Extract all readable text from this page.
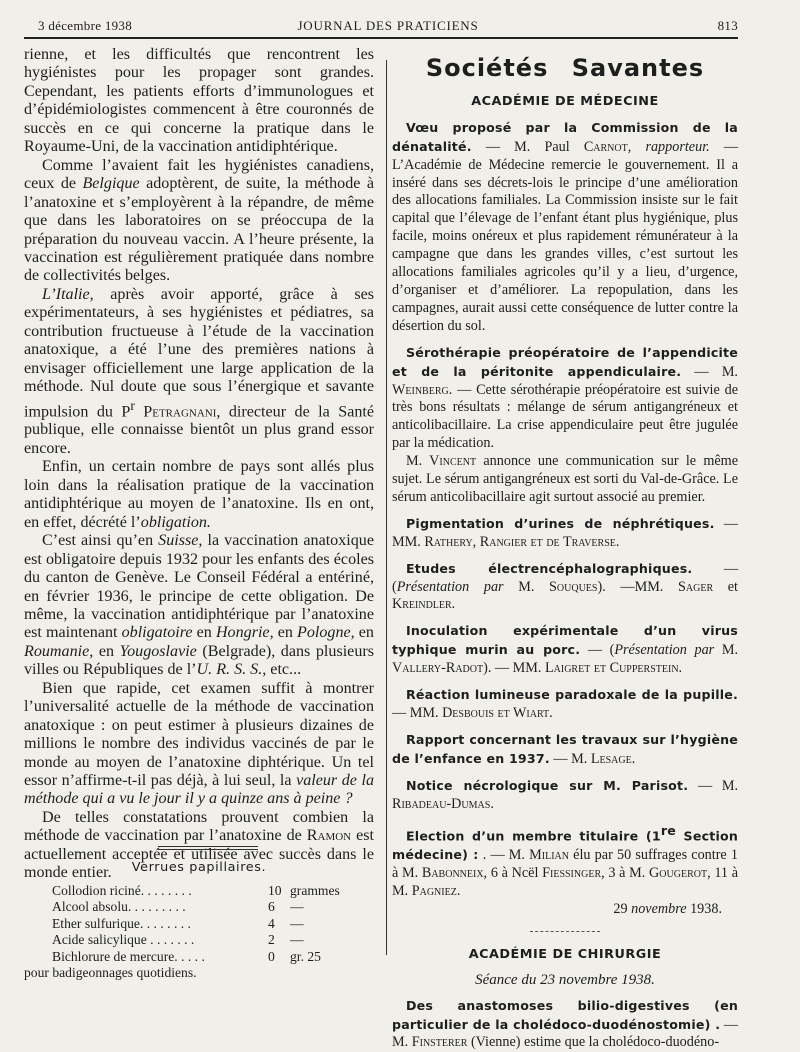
3 décembre 1938	JOURNAL DES PRATICIENS	813

rienne, et les difficultés que rencontrent les hygiénistes pour les propager sont grandes. Cependant, les patients efforts d’immunologues et d’épidémiologistes commencent à être couronnés de succès en ce qui concerne la pratique dans le Royaume-Uni, de la vaccination antidiphtérique.

Comme l’avaient fait les hygiénistes canadiens, ceux de Belgique adoptèrent, de suite, la méthode à l’anatoxine et s’employèrent à la répandre, de même que dans les laboratoires on se préoccupa de la préparation du nouveau vaccin. A l’heure présente, la vaccination est régulièrement pratiquée dans nombre de collectivités belges.

L’Italie, après avoir apporté, grâce à ses expérimentateurs, à ses hygiénistes et pédiatres, sa contribution fructueuse à l’étude de la vaccination anatoxique, a été l’une des premières nations à envisager officiellement une large application de la méthode. Nul doute que sous l’énergique et savante impulsion du $P^r$ Petragnani, directeur de la Santé publique, elle connaisse bientôt un plus grand essor encore.

Enfin, un certain nombre de pays sont allés plus loin dans la réalisation pratique de la vaccination antidiphtérique au moyen de l’anatoxine. Ils en ont, en effet, décrété l’obligation.

C’est ainsi qu’en Suisse, la vaccination anatoxique est obligatoire depuis 1932 pour les enfants des écoles du canton de Genève. Le Conseil Fédéral a entériné, en février 1936, le principe de cette obligation. De même, la vaccination antidiphtérique par l’anatoxine est maintenant obligatoire en Hongrie, en Pologne, en Roumanie, en Yougoslavie (Belgrade), dans plusieurs villes ou Républiques de l’U. R. S. S., etc...

Bien que rapide, cet examen suffit à montrer l’universalité actuelle de la méthode de vaccination anatoxique : on peut estimer à plusieurs dizaines de millions le nombre des individus vaccinés de par le monde au moyen de l’anatoxine diphtérique. Un tel essor n’affirme-t-il pas déjà, à lui seul, la valeur de la méthode qui a vu le jour il y a quinze ans à peine ?

De telles constatations prouvent combien la méthode de vaccination par l’anatoxine de Ramon est actuellement acceptée et utilisée avec succès dans le monde entier.	Verrues papillaires.
Collodion riciné. . . . . . . .	10 grammes
Alcool absolu. . . . . . . . .	6 —
Ether sulfurique. . . . . . . .	4 —
Acide salicylique . . . . . . .	2 —
Bichlorure de mercure. . . . .	0 gr. 25
pour badigeonnages quotidiens.
Sociétés Savantes
ACADÉMIE DE MÉDECINE

Vœu proposé par la Commission de la dénatalité. — M. Paul Carnot, rapporteur. —L’Académie de Médecine remercie le gouvernement. Il a inséré dans ses décrets-lois le principe d’une amélioration des allocations familiales. La Commission insiste sur le fait capital que l’élevage de l’enfant étant plus hygiénique, plus facile, moins onéreux et plus rapidement rémunérateur à la campagne que dans les grandes villes, c’est surtout les allocations familiales agricoles qu’il y a lieu, d’urgence, d’organiser et d’améliorer. La repopulation, dans les campagnes, aurait aussi cette conséquence de lutter contre la désertion du sol.

Sérothérapie préopératoire de l’appendicite et de la péritonite appendiculaire. — M. Weinberg. — Cette sérothérapie préopératoire est suivie de très bons résultats : mélange de sérum antigangréneux et anticolibacillaire. La crise appendiculaire peut être jugulée par la médication.

M. Vincent annonce une communication sur le même sujet. Le sérum antigangréneux est sorti du Val-de-Grâce. Le sérum anticolibacillaire agit surtout associé au premier.

Pigmentation d’urines de néphrétiques. — MM. Rathery, Rangier et de Traverse.

Etudes électrencéphalographiques. — (Présentation par M. Souques). —MM. Sager et Kreindler.

Inoculation expérimentale d’un virus typhique murin au porc. — (Présentation par M. Vallery-Radot). — MM. Laigret et Cupperstein.

Réaction lumineuse paradoxale de la pupille. — MM. Desbouis et Wiart.

Rapport concernant les travaux sur l’hygiène de l’enfance en 1937. — M. Lesage.

Notice nécrologique sur M. Parisot. — M. Ribadeau-Dumas.

Election d’un membre titulaire (1re Section médecine) : . — M. Milian élu par 50 suffrages contre 1 à M. Babonneix, 6 à Ncël Fiessinger, 3 à M. Gougerot, 11 à M. Pagniez.

29 novembre 1938.

ACADÉMIE DE CHIRURGIE
Séance du 23 novembre 1938.

Des anastomoses bilio-digestives (en particulier de la cholédoco-duodénostomie) . — M. Finsterer (Vienne) estime que la cholédoco-duodéno-
